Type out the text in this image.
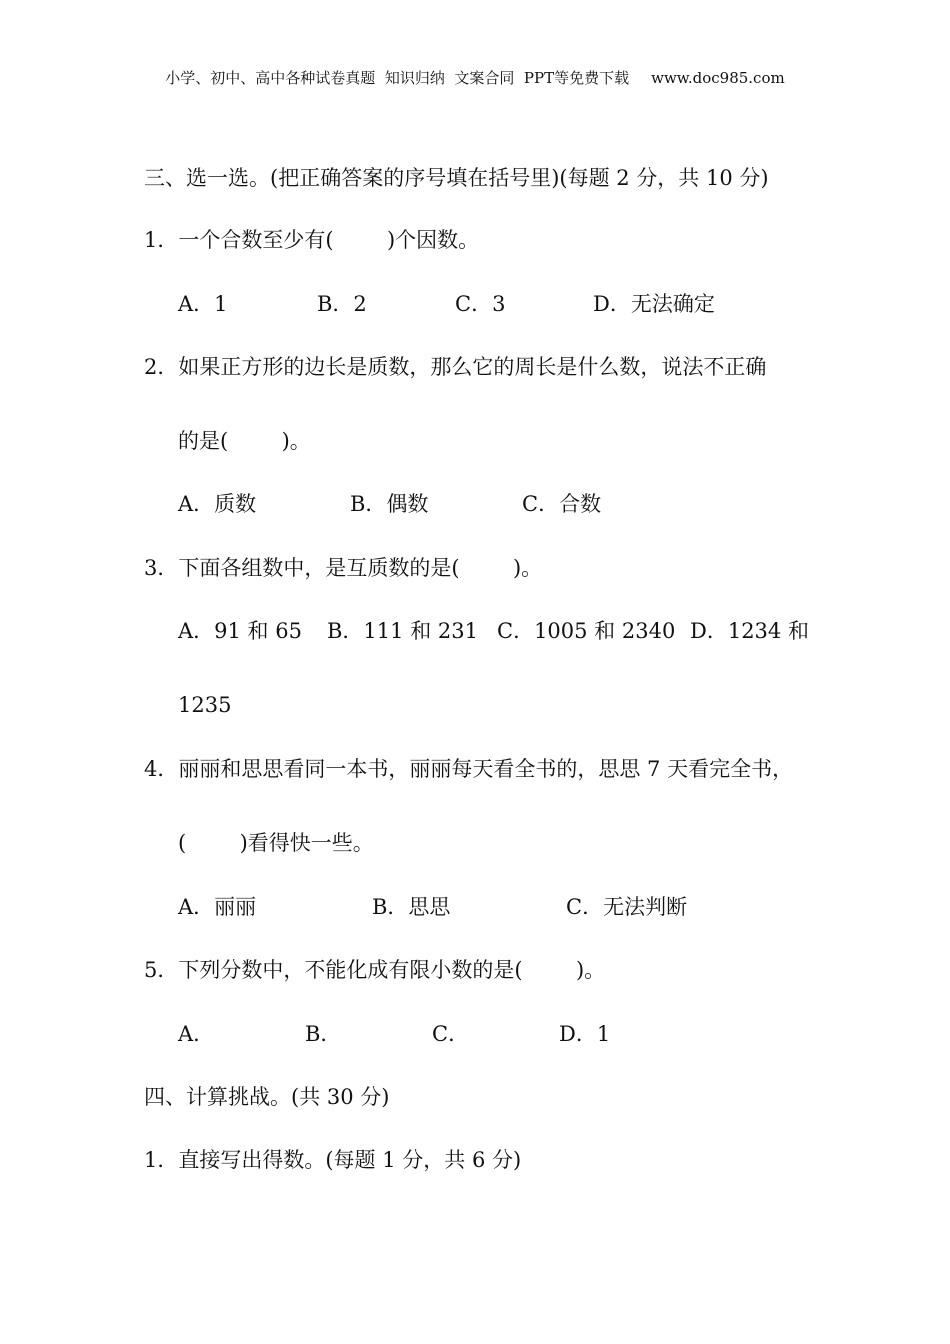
小学、初中、高中各种试卷真题  知识归纳  文案合同  PPT等免费下载 www.doc985.com
三、选一选。(把正确答案的序号填在括号里)(每题 2 分，共 10 分)
1．一个合数至少有(        )个因数。
A．1	B．2	C．3	D．无法确定
2．如果正方形的边长是质数，那么它的周长是什么数，说法不正确
的是(        )。
A．质数	B．偶数	C．合数
3．下面各组数中，是互质数的是(        )。
A．91 和 65 B．111 和 231 C．1005 和 2340 D．1234 和
1235
4．丽丽和思思看同一本书，丽丽每天看全书的，思思 7 天看完全书，
(        )看得快一些。
A．丽丽	B．思思	C．无法判断
5．下列分数中，不能化成有限小数的是(        )。
A．	B．	C．	D．1
四、计算挑战。(共 30 分)
1．直接写出得数。(每题 1 分，共 6 分)
